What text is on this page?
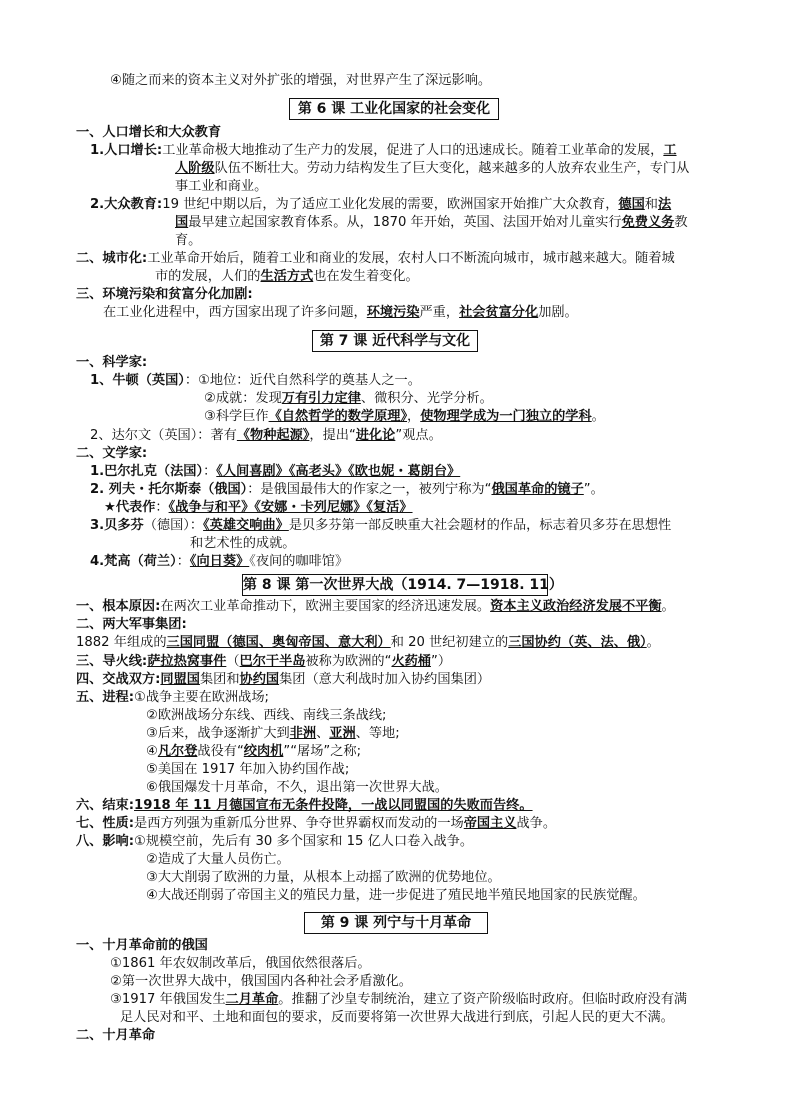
④随之而来的资本主义对外扩张的增强，对世界产生了深远影响。
第 6 课 工业化国家的社会变化
一、人口增长和大众教育
1.人口增长:工业革命极大地推动了生产力的发展，促进了人口的迅速成长。随着工业革命的发展，工
人阶级队伍不断壮大。劳动力结构发生了巨大变化，越来越多的人放弃农业生产，专门从
事工业和商业。
2.大众教育:19 世纪中期以后，为了适应工业化发展的需要，欧洲国家开始推广大众教育，德国和法
国最早建立起国家教育体系。从，1870 年开始，英国、法国开始对儿童实行免费义务教
育。
二、城市化:工业革命开始后，随着工业和商业的发展，农村人口不断流向城市，城市越来越大。随着城
市的发展，人们的生活方式也在发生着变化。
三、环境污染和贫富分化加剧:
在工业化进程中，西方国家出现了许多问题，环境污染严重，社会贫富分化加剧。
第 7 课 近代科学与文化
一、科学家:
1、牛顿（英国）：①地位：近代自然科学的奠基人之一。
②成就：发现万有引力定律、微积分、光学分析。
③科学巨作《自然哲学的数学原理》，使物理学成为一门独立的学科。
2、达尔文（英国）：著有《物种起源》，提出“进化论”观点。
二、文学家:
1.巴尔扎克（法国）：《人间喜剧》《高老头》《欧也妮・葛朗台》
2. 列夫・托尔斯泰（俄国）：是俄国最伟大的作家之一，被列宁称为“俄国革命的镜子”。
★代表作：《战争与和平》《安娜・卡列尼娜》《复活》
3.贝多芬（德国）：《英雄交响曲》是贝多芬第一部反映重大社会题材的作品，标志着贝多芬在思想性
和艺术性的成就。
4.梵高（荷兰）：《向日葵》《夜间的咖啡馆》
第 8 课 第一次世界大战（1914. 7—1918. 11）
一、根本原因:在两次工业革命推动下，欧洲主要国家的经济迅速发展。资本主义政治经济发展不平衡。
二、两大军事集团:
1882 年组成的三国同盟（德国、奥匈帝国、意大利）和 20 世纪初建立的三国协约（英、法、俄）。
三、导火线:萨拉热窝事件（巴尔干半岛被称为欧洲的“火药桶”）
四、交战双方:同盟国集团和协约国集团（意大利战时加入协约国集团）
五、进程:①战争主要在欧洲战场;
②欧洲战场分东线、西线、南线三条战线;
③后来，战争逐渐扩大到非洲、亚洲、等地;
④凡尔登战役有“绞肉机”“屠场”之称;
⑤美国在 1917 年加入协约国作战;
⑥俄国爆发十月革命，不久，退出第一次世界大战。
六、结束:1918 年 11 月德国宣布无条件投降，一战以同盟国的失败而告终。
七、性质:是西方列强为重新瓜分世界、争夺世界霸权而发动的一场帝国主义战争。
八、影响:①规模空前，先后有 30 多个国家和 15 亿人口卷入战争。
②造成了大量人员伤亡。
③大大削弱了欧洲的力量，从根本上动摇了欧洲的优势地位。
④大战还削弱了帝国主义的殖民力量，进一步促进了殖民地半殖民地国家的民族觉醒。
第 9 课 列宁与十月革命
一、十月革命前的俄国
①1861 年农奴制改革后，俄国依然很落后。
②第一次世界大战中，俄国国内各种社会矛盾激化。
③1917 年俄国发生二月革命。推翻了沙皇专制统治，建立了资产阶级临时政府。但临时政府没有满
足人民对和平、土地和面包的要求，反而要将第一次世界大战进行到底，引起人民的更大不满。
二、十月革命
